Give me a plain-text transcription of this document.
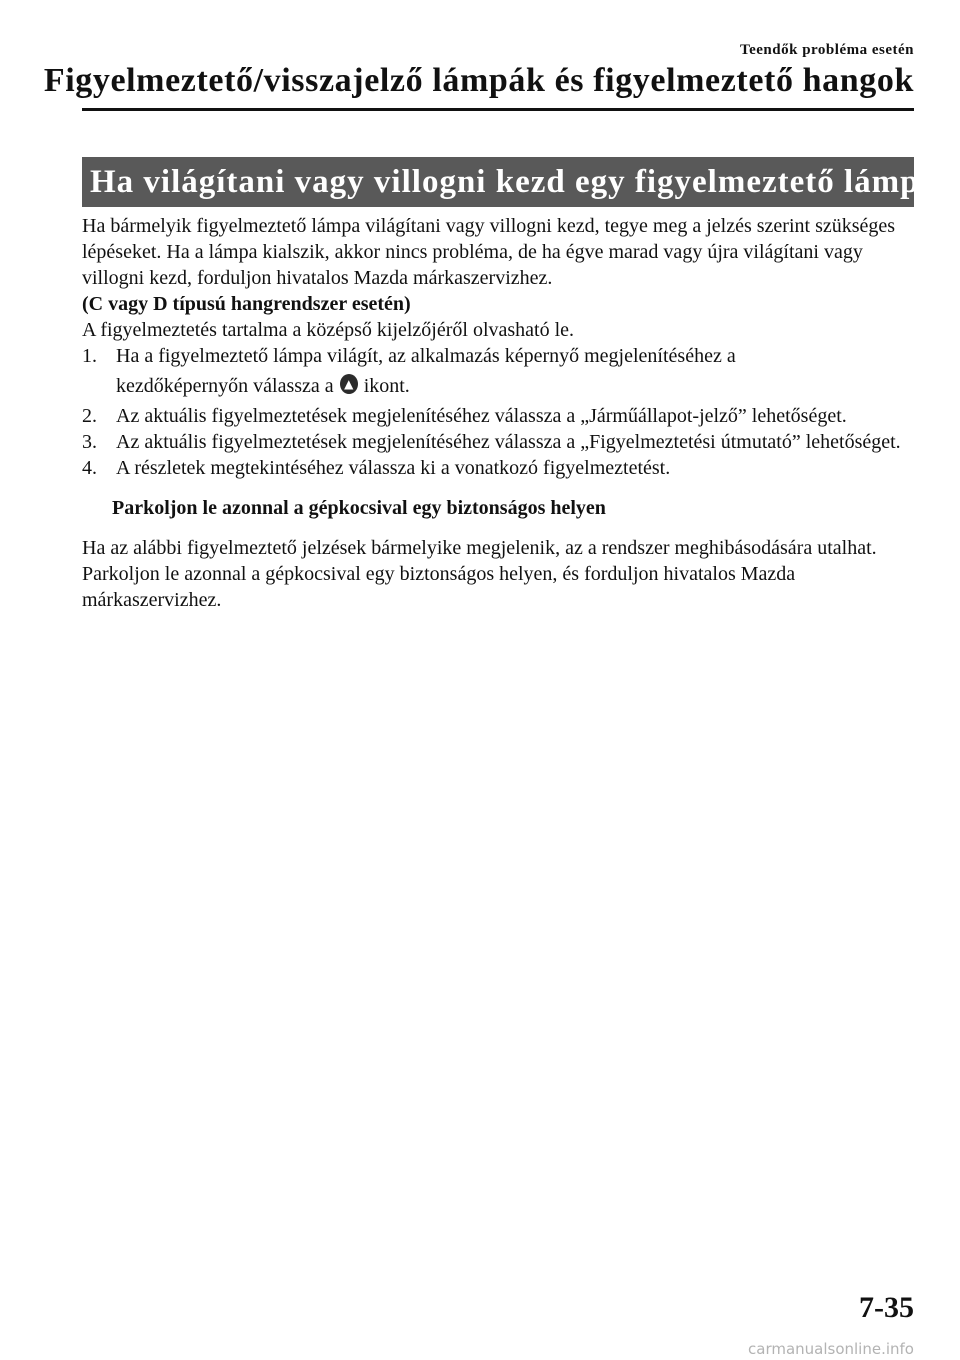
Teendők probléma esetén
Figyelmeztető/visszajelző lámpák és figyelmeztető hangok
Ha világítani vagy villogni kezd egy figyelmeztető lámpa

Ha bármelyik figyelmeztető lámpa világítani vagy villogni kezd, tegye meg a jelzés szerint szükséges lépéseket. Ha a lámpa kialszik, akkor nincs probléma, de ha égve marad vagy újra világítani vagy villogni kezd, forduljon hivatalos Mazda márkaszervizhez.

(C vagy D típusú hangrendszer esetén)

A figyelmeztetés tartalma a középső kijelzőjéről olvasható le.

1. Ha a figyelmeztető lámpa világít, az alkalmazás képernyő megjelenítéséhez a
kezdőképernyőn válassza a ▲ ikont.
2. Az aktuális figyelmeztetések megjelenítéséhez válassza a „Járműállapot-jelző” lehetőséget.
3. Az aktuális figyelmeztetések megjelenítéséhez válassza a „Figyelmeztetési útmutató” lehetőséget.
4. A részletek megtekintéséhez válassza ki a vonatkozó figyelmeztetést.

Parkoljon le azonnal a gépkocsival egy biztonságos helyen

Ha az alábbi figyelmeztető jelzések bármelyike megjelenik, az a rendszer meghibásodására utalhat. Parkoljon le azonnal a gépkocsival egy biztonságos helyen, és forduljon hivatalos Mazda márkaszervizhez.

7-35
carmanualsonline.info
